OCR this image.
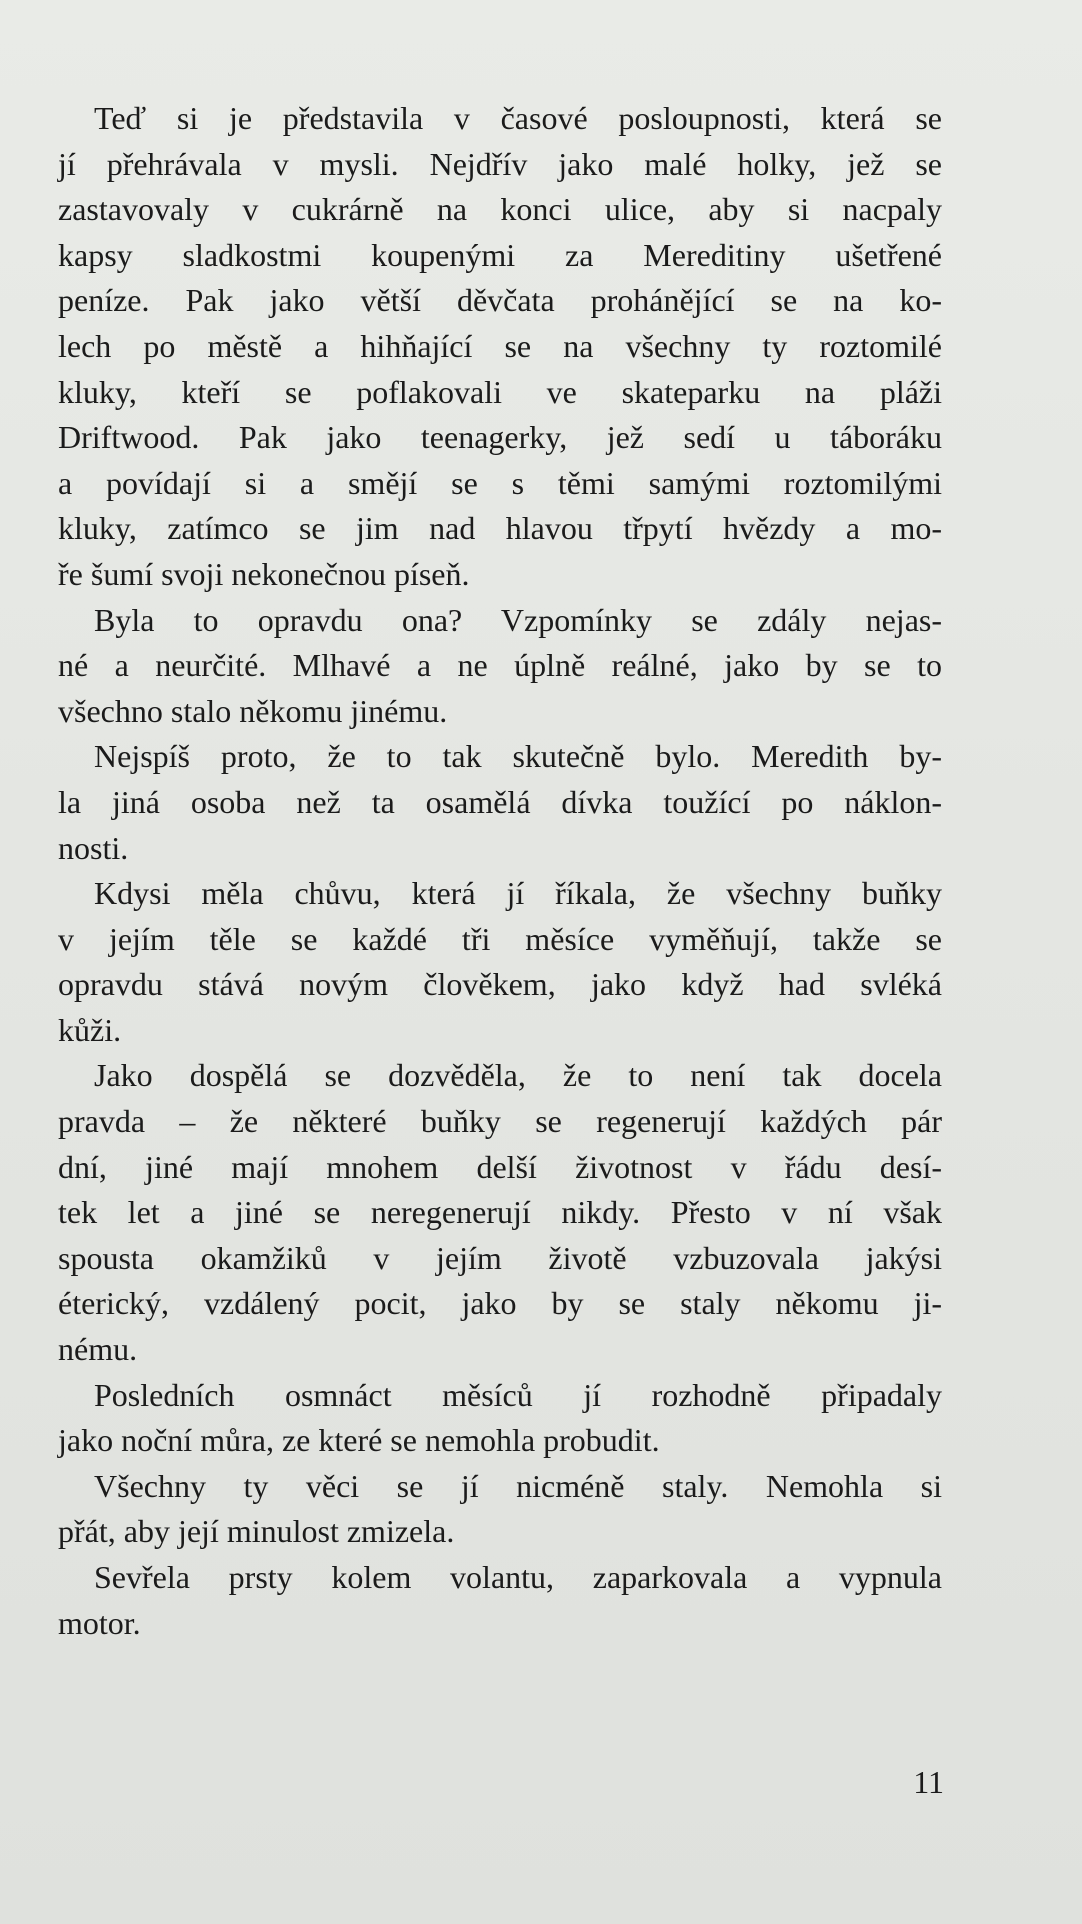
Teď si je představila v časové posloupnosti, která se
jí přehrávala v mysli. Nejdřív jako malé holky, jež se
zastavovaly v cukrárně na konci ulice, aby si nacpaly
kapsy sladkostmi koupenými za Mereditiny ušetřené
peníze. Pak jako větší děvčata prohánějící se na ko-
lech po městě a hihňající se na všechny ty roztomilé
kluky, kteří se poflakovali ve skateparku na pláži
Driftwood. Pak jako teenagerky, jež sedí u táboráku
a povídají si a smějí se s těmi samými roztomilými
kluky, zatímco se jim nad hlavou třpytí hvězdy a mo-
ře šumí svoji nekonečnou píseň.

Byla to opravdu ona? Vzpomínky se zdály nejas-
né a neurčité. Mlhavé a ne úplně reálné, jako by se to
všechno stalo někomu jinému.

Nejspíš proto, že to tak skutečně bylo. Meredith by-
la jiná osoba než ta osamělá dívka toužící po náklon-
nosti.

Kdysi měla chůvu, která jí říkala, že všechny buňky
v jejím těle se každé tři měsíce vyměňují, takže se
opravdu stává novým člověkem, jako když had svléká
kůži.

Jako dospělá se dozvěděla, že to není tak docela
pravda – že některé buňky se regenerují každých pár
dní, jiné mají mnohem delší životnost v řádu desí-
tek let a jiné se neregenerují nikdy. Přesto v ní však
spousta okamžiků v jejím životě vzbuzovala jakýsi
éterický, vzdálený pocit, jako by se staly někomu ji-
nému.

Posledních osmnáct měsíců jí rozhodně připadaly
jako noční můra, ze které se nemohla probudit.

Všechny ty věci se jí nicméně staly. Nemohla si
přát, aby její minulost zmizela.

Sevřela prsty kolem volantu, zaparkovala a vypnula
motor.

11
